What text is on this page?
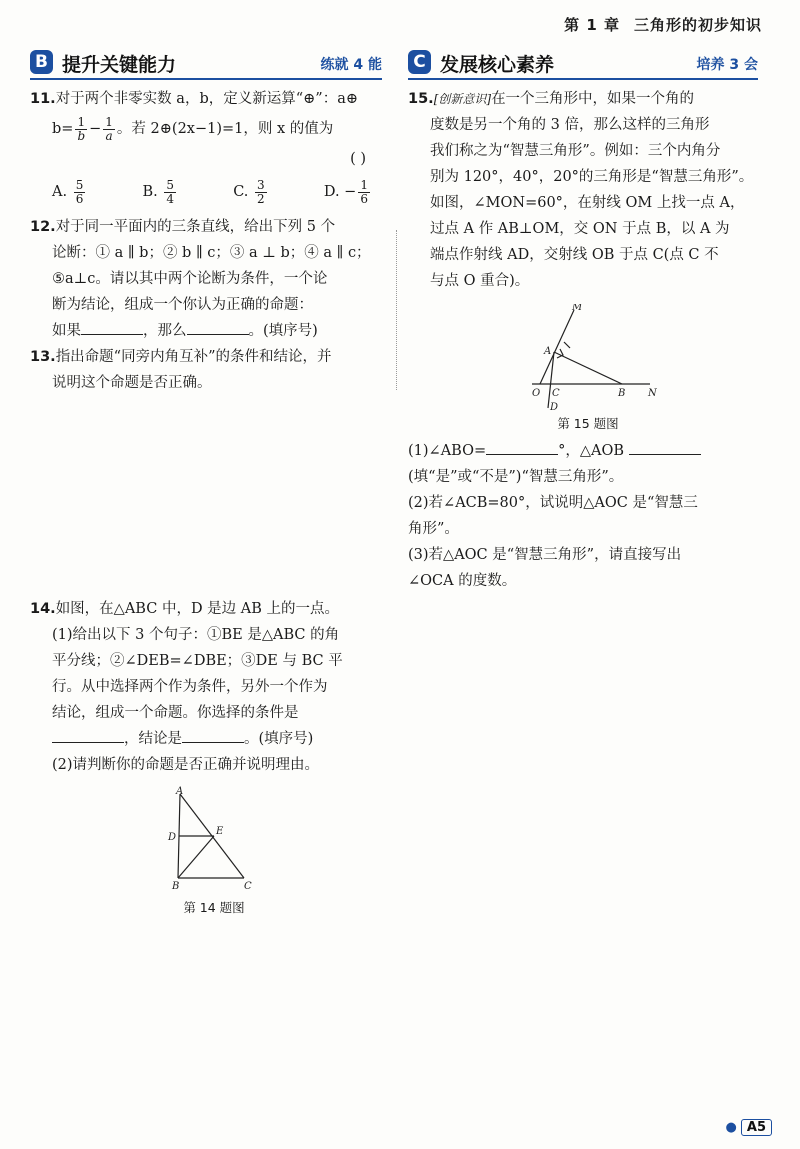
第 1 章 三角形的初步知识
B 提升关键能力	练就 4 能

11.对于两个非零实数 a，b，定义新运算“⊕”：a⊕

$b= \frac{1}{b} - \frac{1}{a}$ 。若 2⊕(2x−1)=1，则 x 的值为

( )

A. $\frac{5}{6}$	B. $\frac{5}{4}$	C. $\frac{3}{2}$	D. − $\frac{1}{6}$

12.对于同一平面内的三条直线，给出下列 5 个

论断：① a ∥ b；② b ∥ c；③ a ⊥ b；④ a ∥ c；

⑤a⊥c。请以其中两个论断为条件，一个论

断为结论，组成一个你认为正确的命题：

如果	，那么	。(填序号)

13.指出命题“同旁内角互补”的条件和结论，并

说明这个命题是否正确。

14.如图，在△ABC 中，D 是边 AB 上的一点。

(1)给出以下 3 个句子：①BE 是△ABC 的角

平分线；②∠DEB=∠DBE；③DE 与 BC 平

行。从中选择两个作为条件，另外一个作为

结论，组成一个命题。你选择的条件是

，结论是	。(填序号)

(2)请判断你的命题是否正确并说明理由。

A
D
E
B	C
第 14 题图
C 发展核心素养	培养 3 会

15.[创新意识]在一个三角形中，如果一个角的

度数是另一个角的 3 倍，那么这样的三角形

我们称之为“智慧三角形”。例如：三个内角分

别为 120°，40°，20°的三角形是“智慧三角形”。

如图，∠MON=60°，在射线 OM 上找一点 A，

过点 A 作 AB⊥OM，交 ON 于点 B，以 A 为

端点作射线 AD，交射线 OB 于点 C(点 C 不

与点 O 重合)。

M
A
O C	B N
D
第 15 题图

(1)∠ABO=	°，△AOB

(填“是”或“不是”)“智慧三角形”。

(2)若∠ACB=80°，试说明△AOC 是“智慧三

角形”。

(3)若△AOC 是“智慧三角形”，请直接写出

∠OCA 的度数。

● A5
